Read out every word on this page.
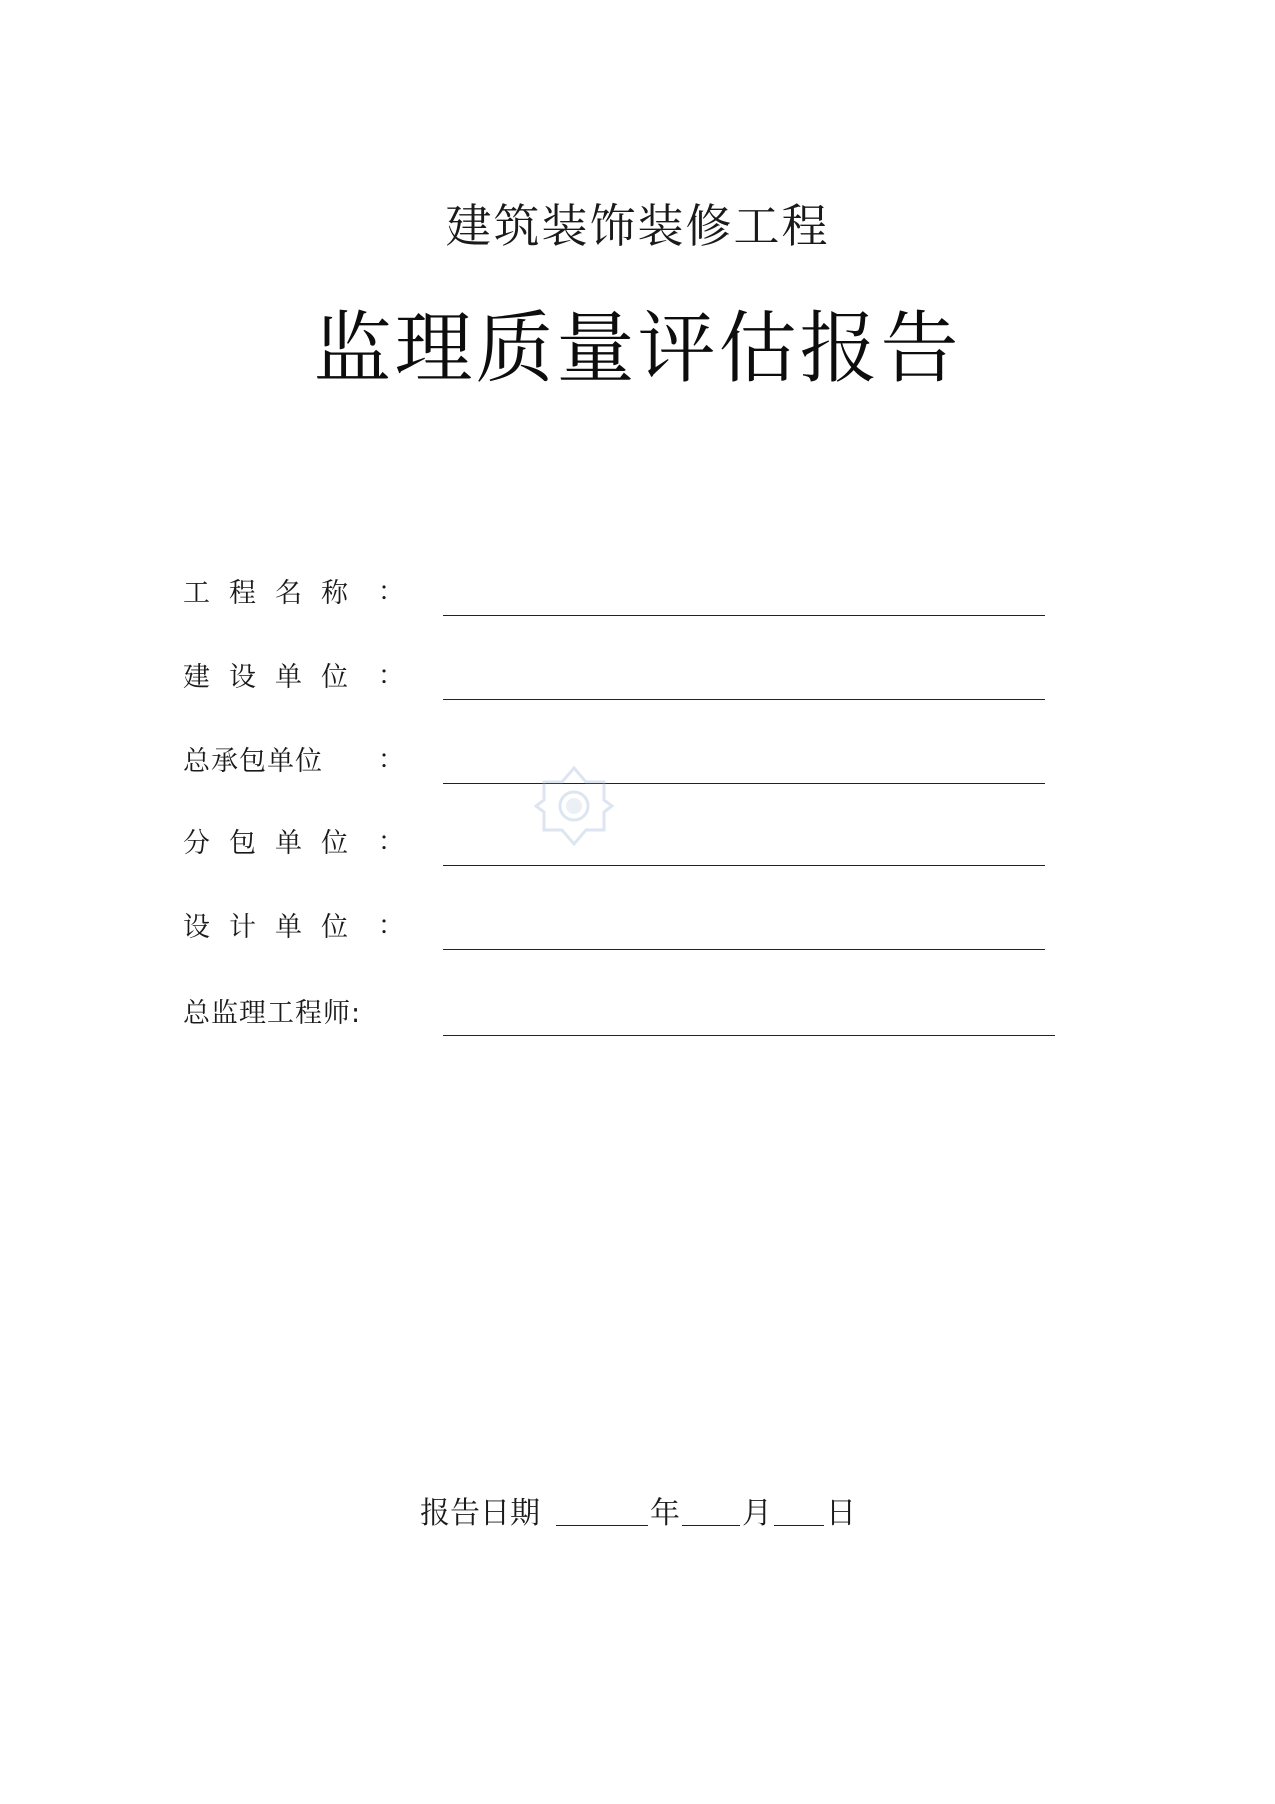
建筑装饰装修工程
监理质量评估报告
工程名称 ：
建设单位 ：
总承包单位 ：
分包单位 ：
设计单位 ：
总监理工程师:
报告日期	年 月 日
